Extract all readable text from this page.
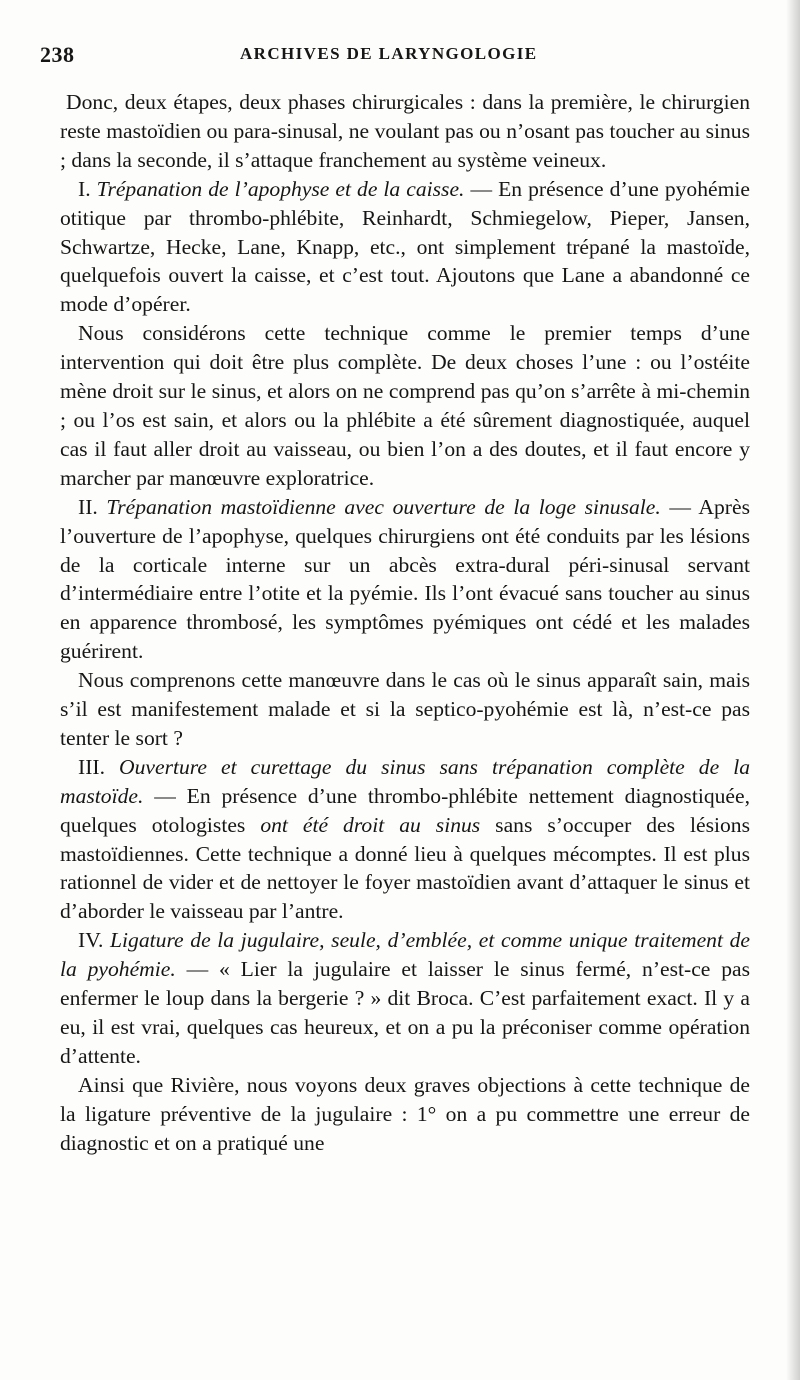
238	ARCHIVES DE LARYNGOLOGIE

Donc, deux étapes, deux phases chirurgicales : dans la première, le chirurgien reste mastoïdien ou para-sinusal, ne voulant pas ou n’osant pas toucher au sinus ; dans la seconde, il s’attaque franchement au système veineux.

I. Trépanation de l’apophyse et de la caisse. — En présence d’une pyohémie otitique par thrombo-phlébite, Reinhardt, Schmiegelow, Pieper, Jansen, Schwartze, Hecke, Lane, Knapp, etc., ont simplement trépané la mastoïde, quelquefois ouvert la caisse, et c’est tout. Ajoutons que Lane a abandonné ce mode d’opérer.

Nous considérons cette technique comme le premier temps d’une intervention qui doit être plus complète. De deux choses l’une : ou l’ostéite mène droit sur le sinus, et alors on ne comprend pas qu’on s’arrête à mi-chemin ; ou l’os est sain, et alors ou la phlébite a été sûrement diagnostiquée, auquel cas il faut aller droit au vaisseau, ou bien l’on a des doutes, et il faut encore y marcher par manœuvre exploratrice.

II. Trépanation mastoïdienne avec ouverture de la loge sinusale. — Après l’ouverture de l’apophyse, quelques chirurgiens ont été conduits par les lésions de la corticale interne sur un abcès extra-dural péri-sinusal servant d’intermédiaire entre l’otite et la pyémie. Ils l’ont évacué sans toucher au sinus en apparence thrombosé, les symptômes pyémiques ont cédé et les malades guérirent.

Nous comprenons cette manœuvre dans le cas où le sinus apparaît sain, mais s’il est manifestement malade et si la septico-pyohémie est là, n’est-ce pas tenter le sort ?

III. Ouverture et curettage du sinus sans trépanation complète de la mastoïde. — En présence d’une thrombo-phlébite nettement diagnostiquée, quelques otologistes ont été droit au sinus sans s’occuper des lésions mastoïdiennes. Cette technique a donné lieu à quelques mécomptes. Il est plus rationnel de vider et de nettoyer le foyer mastoïdien avant d’attaquer le sinus et d’aborder le vaisseau par l’antre.

IV. Ligature de la jugulaire, seule, d’emblée, et comme unique traitement de la pyohémie. — « Lier la jugulaire et laisser le sinus fermé, n’est-ce pas enfermer le loup dans la bergerie ? » dit Broca. C’est parfaitement exact. Il y a eu, il est vrai, quelques cas heureux, et on a pu la préconiser comme opération d’attente.

Ainsi que Rivière, nous voyons deux graves objections à cette technique de la ligature préventive de la jugulaire : 1° on a pu commettre une erreur de diagnostic et on a pratiqué une
